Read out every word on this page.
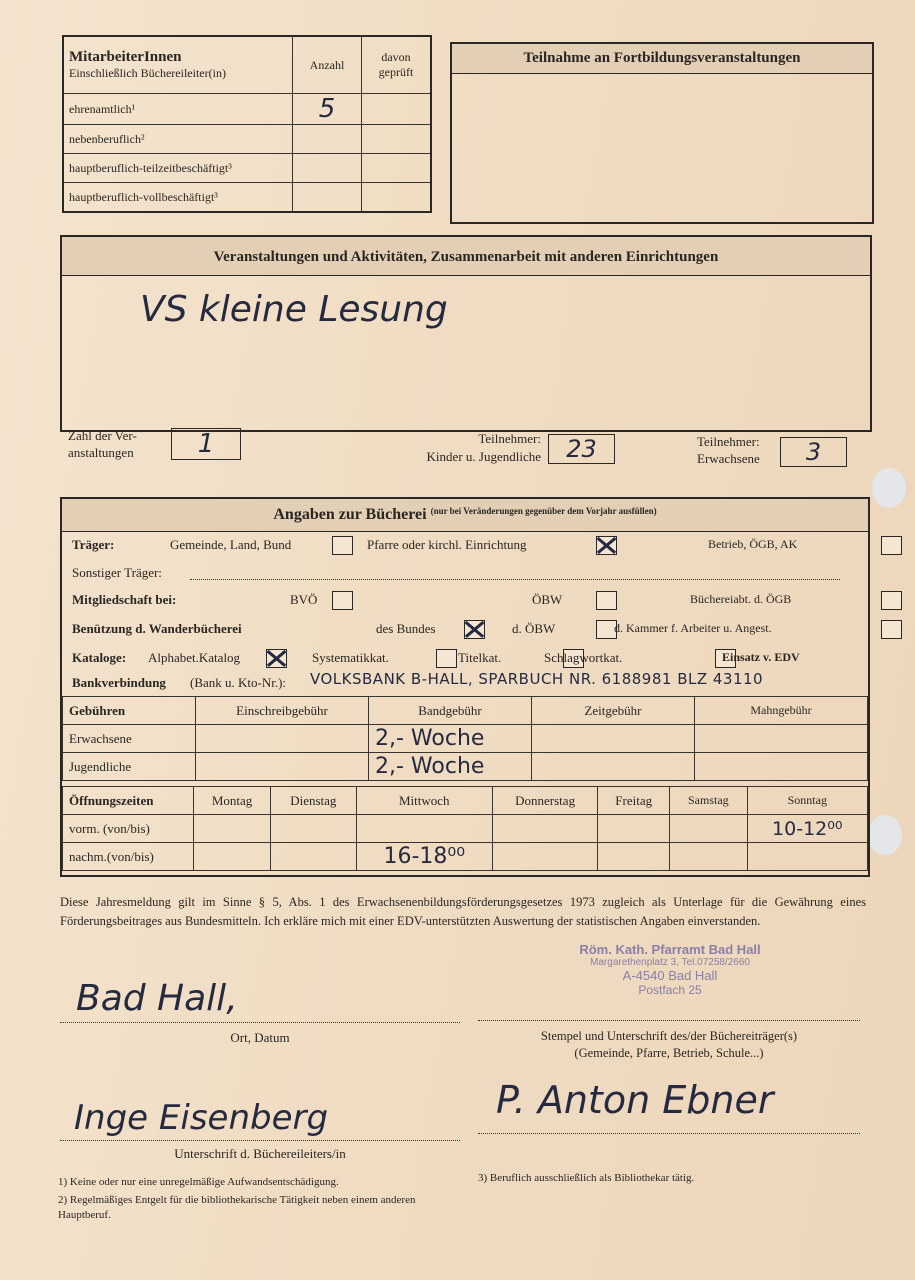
MitarbeiterInnen
Einschließlich Büchereileiter(in)	Anzahl	davon geprüft

ehrenamtlich¹	5	
nebenberuflich²		
hauptberuflich-teilzeitbeschäftigt³		
hauptberuflich-vollbeschäftigt³		
Teilnahme an Fortbildungsveranstaltungen
Veranstaltungen und Aktivitäten, Zusammenarbeit mit anderen Einrichtungen
VS kleine Lesung
Zahl der Ver-
anstaltungen	1	Teilnehmer:
Kinder u. Jugendliche	23	Teilnehmer:
Erwachsene	3
Angaben zur Bücherei $^{(nur bei Veränderungen gegenüber dem Vorjahr ausfüllen)}$
Träger:	Gemeinde, Land, Bund
	Pfarre oder kirchl. Einrichtung
	Betrieb, ÖGB, AK
Sonstiger Träger:
Mitgliedschaft bei:	BVÖ
	ÖBW
	Büchereiabt. d. ÖGB
Benützung d. Wanderbücherei	des Bundes
	d. ÖBW
	d. Kammer f. Arbeiter u. Angest.
Kataloge: Alphabet.Katalog
	Systematikkat.
	Titelkat.
	Schlagwortkat.
	Einsatz v. EDV
Bankverbindung (Bank u. Kto-Nr.): VOLKSBANK B-HALL, SPARBUCH NR. 6188981 BLZ 43110
Gebühren	Einschreibgebühr	Bandgebühr	Zeitgebühr	Mahngebühr
Erwachsene		2,- Woche		
Jugendliche		2,- Woche		
Öffnungszeiten	Montag	Dienstag	Mittwoch	Donnerstag	Freitag	Samstag	Sonntag
vorm. (von/bis)							10-12⁰⁰
nachm.(von/bis)			16-18⁰⁰				
Diese Jahresmeldung gilt im Sinne § 5, Abs. 1 des Erwachsenenbildungsförderungsgesetzes 1973 zugleich als Unterlage für die Gewährung eines Förderungsbeitrages aus Bundesmitteln. Ich erkläre mich mit einer EDV-unterstützten Auswertung der statistischen Angaben einverstanden.
Röm. Kath. Pfarramt Bad Hall
Margarethenplatz 3, Tel.07258/2660
A-4540 Bad Hall
Postfach 25
Bad Hall,
Ort, Datum	Stempel und Unterschrift des/der Büchereiträger(s)
(Gemeinde, Pfarre, Betrieb, Schule...)
P. Anton Ebner
Inge Eisenberg
Unterschrift d. Büchereileiters/in
1) Keine oder nur eine unregelmäßige Aufwandsentschädigung.
2) Regelmäßiges Entgelt für die bibliothekarische Tätigkeit neben einem anderen Hauptberuf.
3) Beruflich ausschließlich als Bibliothekar tätig.
